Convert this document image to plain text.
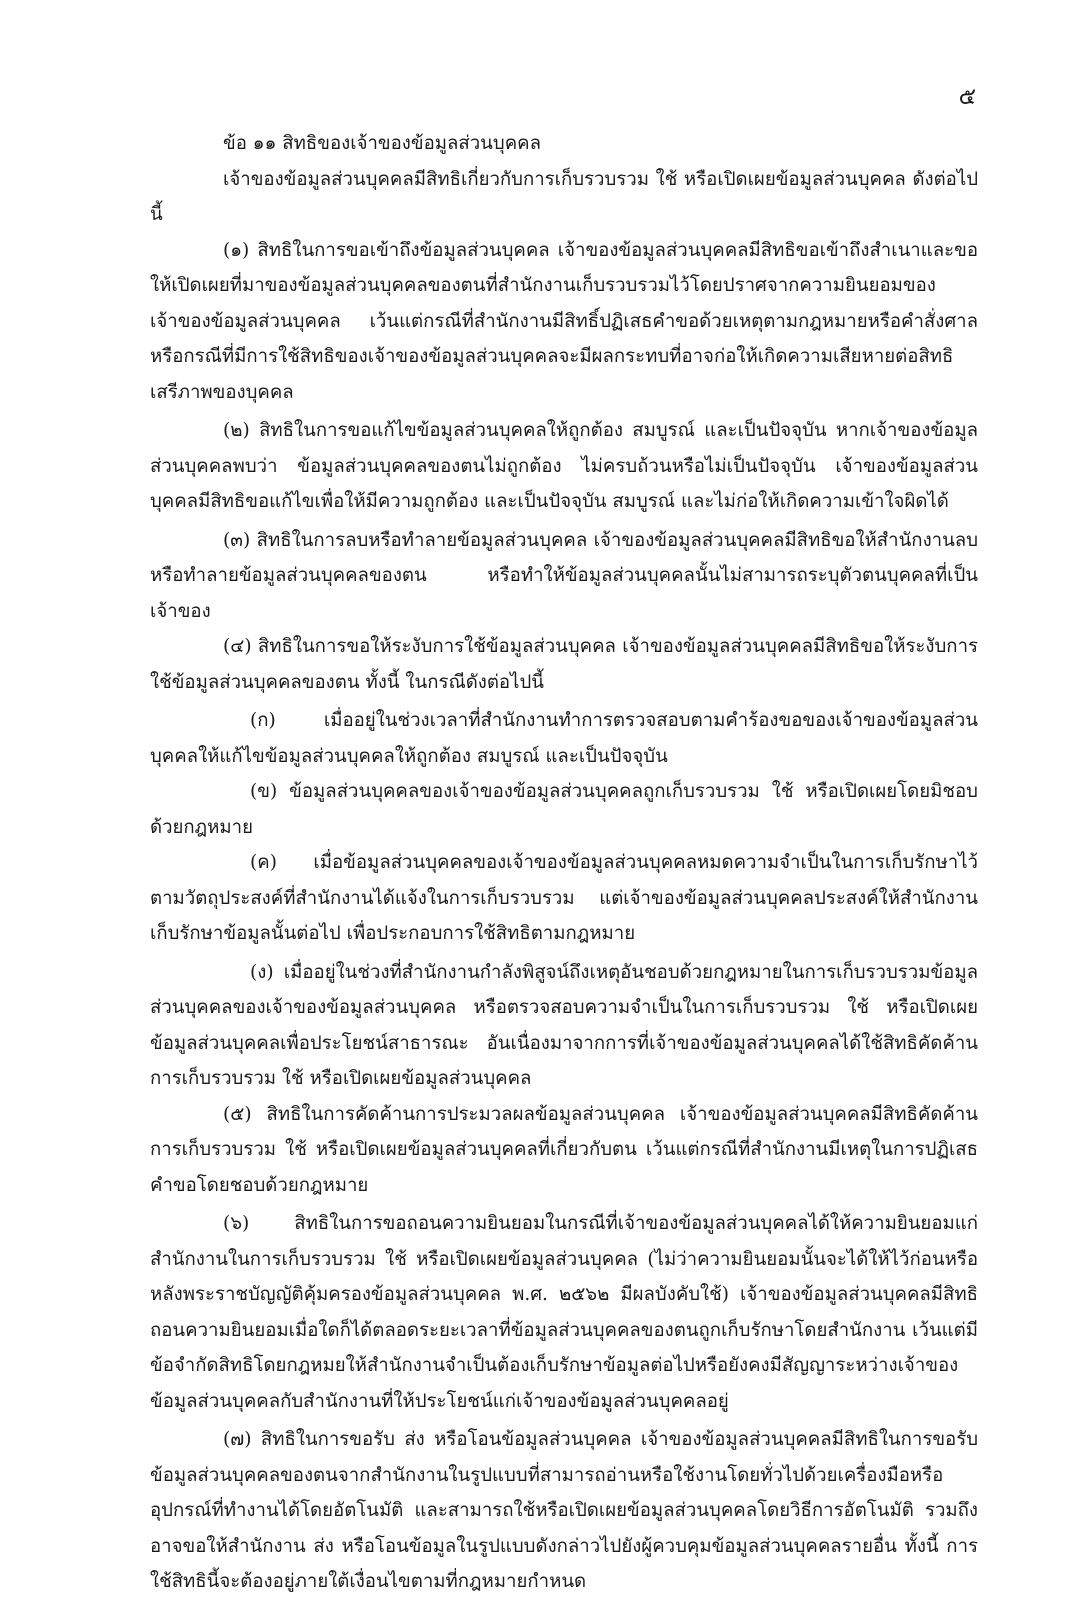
๕

ข้อ ๑๑ สิทธิของเจ้าของข้อมูลส่วนบุคคล

เจ้าของข้อมูลส่วนบุคคลมีสิทธิเกี่ยวกับการเก็บรวบรวม ใช้ หรือเปิดเผยข้อมูลส่วนบุคคล ดังต่อไปนี้

(๑) สิทธิในการขอเข้าถึงข้อมูลส่วนบุคคล เจ้าของข้อมูลส่วนบุคคลมีสิทธิขอเข้าถึงสำเนาและขอให้เปิดเผยที่มาของข้อมูลส่วนบุคคลของตนที่สำนักงานเก็บรวบรวมไว้โดยปราศจากความยินยอมของเจ้าของข้อมูลส่วนบุคคล เว้นแต่กรณีที่สำนักงานมีสิทธิ์ปฏิเสธคำขอด้วยเหตุตามกฎหมายหรือคำสั่งศาลหรือกรณีที่มีการใช้สิทธิของเจ้าของข้อมูลส่วนบุคคลจะมีผลกระทบที่อาจก่อให้เกิดความเสียหายต่อสิทธิเสรีภาพของบุคคล

(๒) สิทธิในการขอแก้ไขข้อมูลส่วนบุคคลให้ถูกต้อง สมบูรณ์ และเป็นปัจจุบัน หากเจ้าของข้อมูลส่วนบุคคลพบว่า ข้อมูลส่วนบุคคลของตนไม่ถูกต้อง ไม่ครบถ้วนหรือไม่เป็นปัจจุบัน เจ้าของข้อมูลส่วนบุคคลมีสิทธิขอแก้ไขเพื่อให้มีความถูกต้อง และเป็นปัจจุบัน สมบูรณ์ และไม่ก่อให้เกิดความเข้าใจผิดได้

(๓) สิทธิในการลบหรือทำลายข้อมูลส่วนบุคคล เจ้าของข้อมูลส่วนบุคคลมีสิทธิขอให้สำนักงานลบหรือทำลายข้อมูลส่วนบุคคลของตน หรือทำให้ข้อมูลส่วนบุคคลนั้นไม่สามารถระบุตัวตนบุคคลที่เป็นเจ้าของ

(๔) สิทธิในการขอให้ระงับการใช้ข้อมูลส่วนบุคคล เจ้าของข้อมูลส่วนบุคคลมีสิทธิขอให้ระงับการใช้ข้อมูลส่วนบุคคลของตน ทั้งนี้ ในกรณีดังต่อไปนี้

(ก) เมื่ออยู่ในช่วงเวลาที่สำนักงานทำการตรวจสอบตามคำร้องขอของเจ้าของข้อมูลส่วนบุคคลให้แก้ไขข้อมูลส่วนบุคคลให้ถูกต้อง สมบูรณ์ และเป็นปัจจุบัน

(ข) ข้อมูลส่วนบุคคลของเจ้าของข้อมูลส่วนบุคคลถูกเก็บรวบรวม ใช้ หรือเปิดเผยโดยมิชอบด้วยกฎหมาย

(ค) เมื่อข้อมูลส่วนบุคคลของเจ้าของข้อมูลส่วนบุคคลหมดความจำเป็นในการเก็บรักษาไว้ตามวัตถุประสงค์ที่สำนักงานได้แจ้งในการเก็บรวบรวม แต่เจ้าของข้อมูลส่วนบุคคลประสงค์ให้สำนักงานเก็บรักษาข้อมูลนั้นต่อไป เพื่อประกอบการใช้สิทธิตามกฎหมาย

(ง) เมื่ออยู่ในช่วงที่สำนักงานกำลังพิสูจน์ถึงเหตุอันชอบด้วยกฎหมายในการเก็บรวบรวมข้อมูลส่วนบุคคลของเจ้าของข้อมูลส่วนบุคคล หรือตรวจสอบความจำเป็นในการเก็บรวบรวม ใช้ หรือเปิดเผยข้อมูลส่วนบุคคลเพื่อประโยชน์สาธารณะ อันเนื่องมาจากการที่เจ้าของข้อมูลส่วนบุคคลได้ใช้สิทธิคัดค้านการเก็บรวบรวม ใช้ หรือเปิดเผยข้อมูลส่วนบุคคล

(๕) สิทธิในการคัดค้านการประมวลผลข้อมูลส่วนบุคคล เจ้าของข้อมูลส่วนบุคคลมีสิทธิคัดค้านการเก็บรวบรวม ใช้ หรือเปิดเผยข้อมูลส่วนบุคคลที่เกี่ยวกับตน เว้นแต่กรณีที่สำนักงานมีเหตุในการปฏิเสธคำขอโดยชอบด้วยกฎหมาย

(๖) สิทธิในการขอถอนความยินยอมในกรณีที่เจ้าของข้อมูลส่วนบุคคลได้ให้ความยินยอมแก่สำนักงานในการเก็บรวบรวม ใช้ หรือเปิดเผยข้อมูลส่วนบุคคล (ไม่ว่าความยินยอมนั้นจะได้ให้ไว้ก่อนหรือหลังพระราชบัญญัติคุ้มครองข้อมูลส่วนบุคคล พ.ศ. ๒๕๖๒ มีผลบังคับใช้) เจ้าของข้อมูลส่วนบุคคลมีสิทธิถอนความยินยอมเมื่อใดก็ได้ตลอดระยะเวลาที่ข้อมูลส่วนบุคคลของตนถูกเก็บรักษาโดยสำนักงาน เว้นแต่มีข้อจำกัดสิทธิโดยกฎหมยให้สำนักงานจำเป็นต้องเก็บรักษาข้อมูลต่อไปหรือยังคงมีสัญญาระหว่างเจ้าของข้อมูลส่วนบุคคลกับสำนักงานที่ให้ประโยชน์แก่เจ้าของข้อมูลส่วนบุคคลอยู่

(๗) สิทธิในการขอรับ ส่ง หรือโอนข้อมูลส่วนบุคคล เจ้าของข้อมูลส่วนบุคคลมีสิทธิในการขอรับข้อมูลส่วนบุคคลของตนจากสำนักงานในรูปแบบที่สามารถอ่านหรือใช้งานโดยทั่วไปด้วยเครื่องมือหรืออุปกรณ์ที่ทำงานได้โดยอัตโนมัติ และสามารถใช้หรือเปิดเผยข้อมูลส่วนบุคคลโดยวิธีการอัตโนมัติ รวมถึงอาจขอให้สำนักงาน ส่ง หรือโอนข้อมูลในรูปแบบดังกล่าวไปยังผู้ควบคุมข้อมูลส่วนบุคคลรายอื่น ทั้งนี้ การใช้สิทธินี้จะต้องอยู่ภายใต้เงื่อนไขตามที่กฎหมายกำหนด
